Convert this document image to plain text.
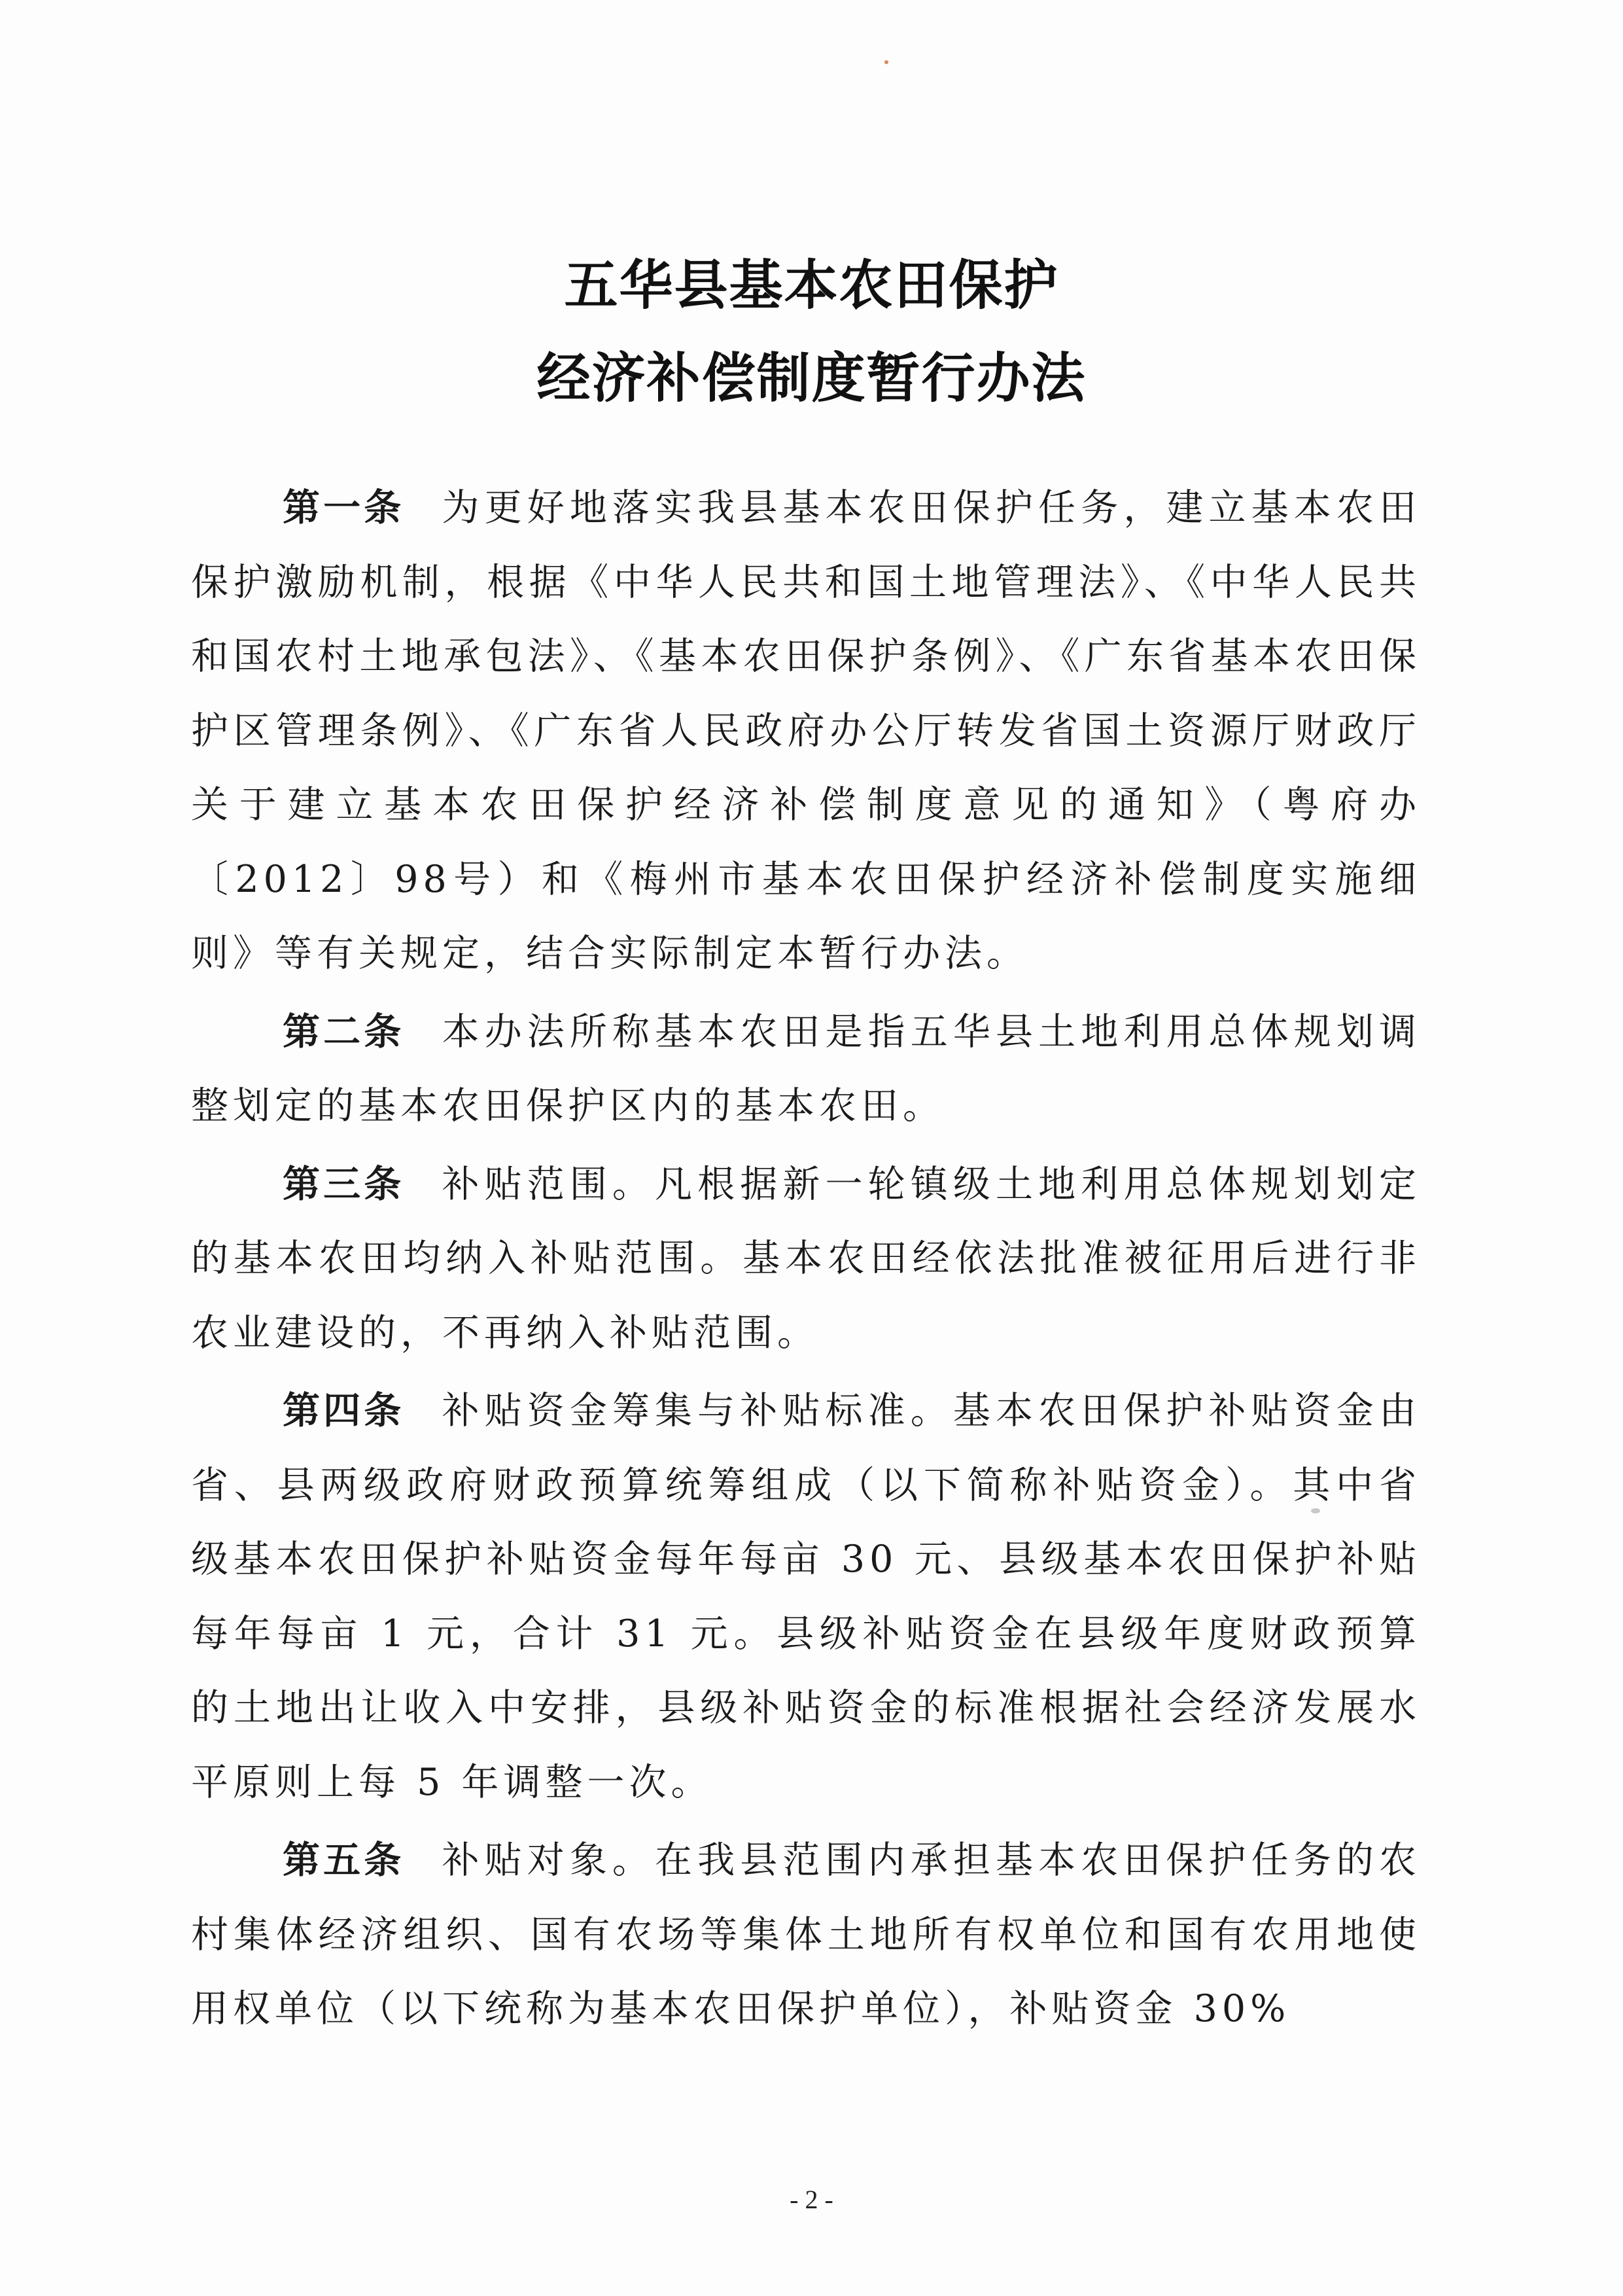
五华县基本农田保护
经济补偿制度暂行办法

第一条 为更好地落实我县基本农田保护任务，建立基本农田保护激励机制，根据《中华人民共和国土地管理法》、《中华人民共和国农村土地承包法》、《基本农田保护条例》、《广东省基本农田保护区管理条例》、《广东省人民政府办公厅转发省国土资源厅财政厅关于建立基本农田保护经济补偿制度意见的通知》（粤府办〔2012〕98号）和《梅州市基本农田保护经济补偿制度实施细则》等有关规定，结合实际制定本暂行办法。

第二条 本办法所称基本农田是指五华县土地利用总体规划调整划定的基本农田保护区内的基本农田。

第三条 补贴范围。凡根据新一轮镇级土地利用总体规划划定的基本农田均纳入补贴范围。基本农田经依法批准被征用后进行非农业建设的，不再纳入补贴范围。

第四条 补贴资金筹集与补贴标准。基本农田保护补贴资金由省、县两级政府财政预算统筹组成（以下简称补贴资金）。其中省级基本农田保护补贴资金每年每亩 30 元、县级基本农田保护补贴每年每亩 1 元，合计 31 元。县级补贴资金在县级年度财政预算的土地出让收入中安排，县级补贴资金的标准根据社会经济发展水平原则上每 5 年调整一次。

第五条 补贴对象。在我县范围内承担基本农田保护任务的农村集体经济组织、国有农场等集体土地所有权单位和国有农用地使用权单位（以下统称为基本农田保护单位），补贴资金 30%

- 2 -
